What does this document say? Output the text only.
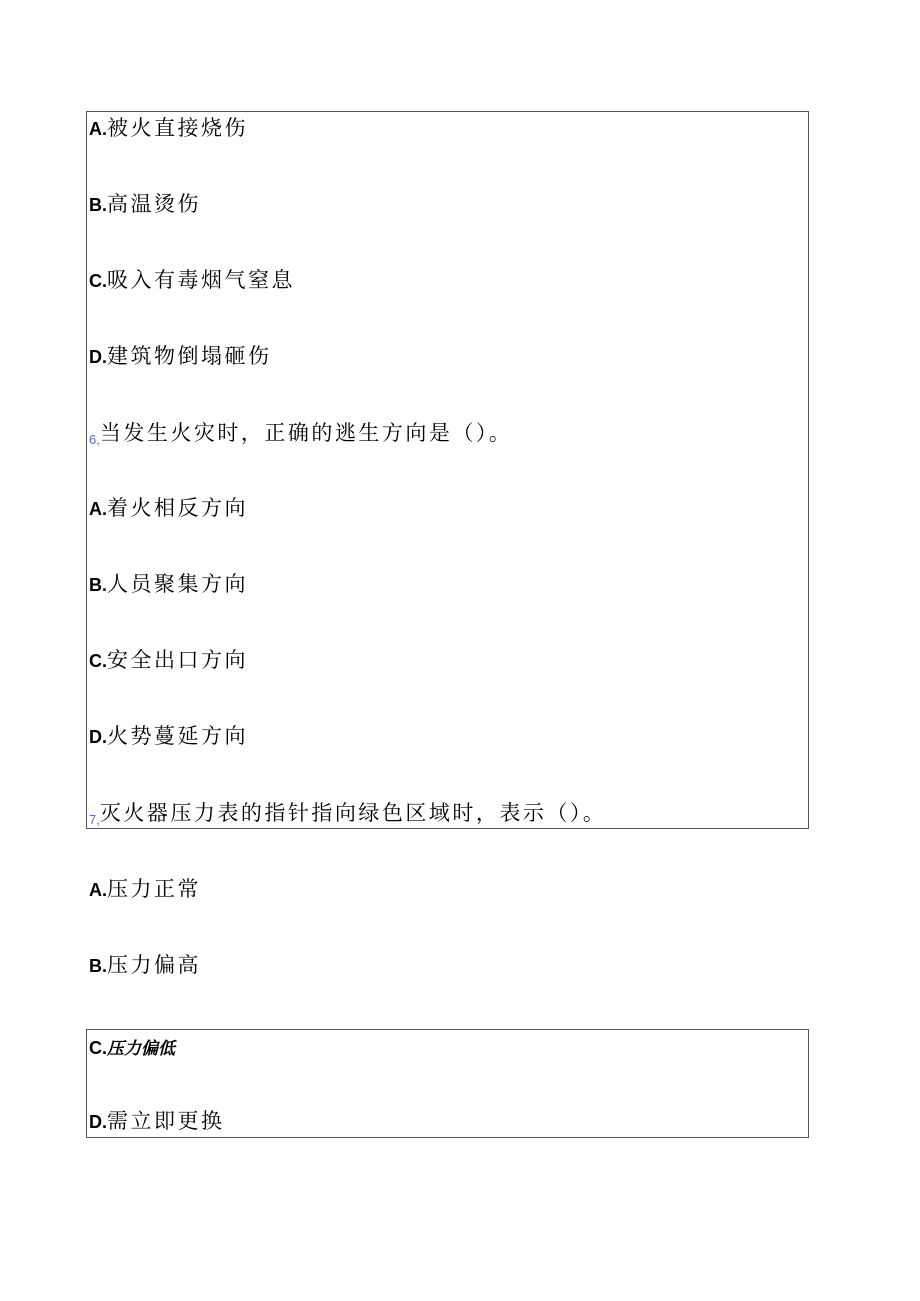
A.被火直接烧伤
B.高温烫伤
C.吸入有毒烟气窒息
D.建筑物倒塌砸伤
6,当发生火灾时，正确的逃生方向是（）。
A.着火相反方向
B.人员聚集方向
C.安全出口方向
D.火势蔓延方向
7,灭火器压力表的指针指向绿色区域时，表示（）。
A.压力正常
B.压力偏高
C.压力偏低
D.需立即更换
